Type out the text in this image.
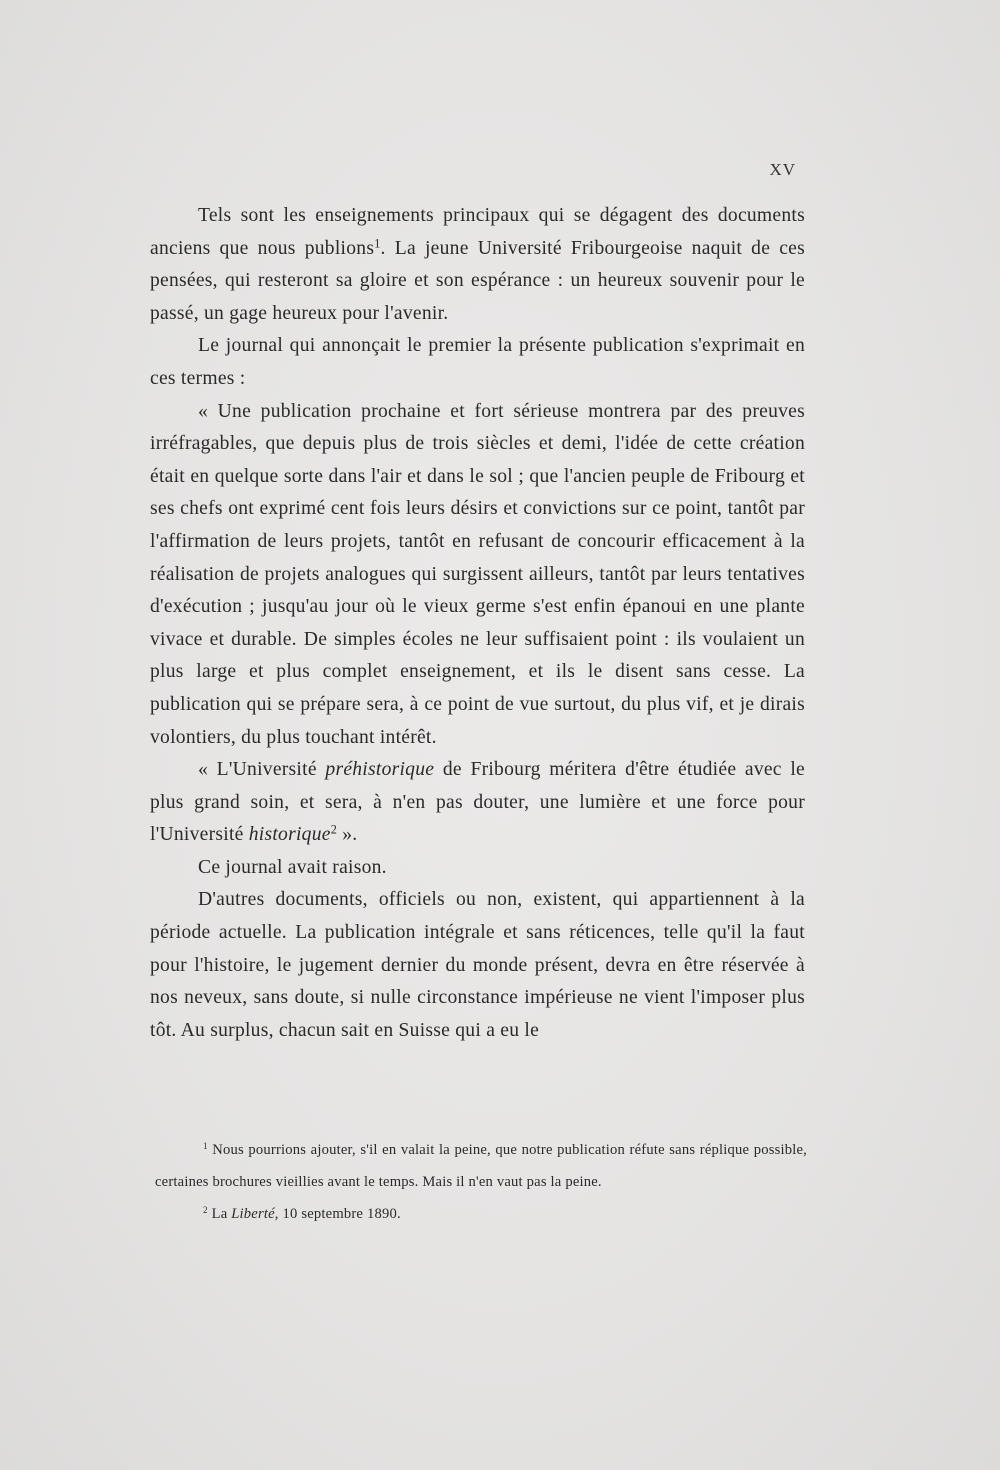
XV

Tels sont les enseignements principaux qui se dégagent des documents anciens que nous publions$^1$. La jeune Université Fribourgeoise naquit de ces pensées, qui resteront sa gloire et son espérance : un heureux souvenir pour le passé, un gage heureux pour l'avenir.

Le journal qui annonçait le premier la présente publication s'exprimait en ces termes :

« Une publication prochaine et fort sérieuse montrera par des preuves irréfragables, que depuis plus de trois siècles et demi, l'idée de cette création était en quelque sorte dans l'air et dans le sol ; que l'ancien peuple de Fribourg et ses chefs ont exprimé cent fois leurs désirs et convictions sur ce point, tantôt par l'affirmation de leurs projets, tantôt en refusant de concourir efficacement à la réalisation de projets analogues qui surgissent ailleurs, tantôt par leurs tentatives d'exécution ; jusqu'au jour où le vieux germe s'est enfin épanoui en une plante vivace et durable. De simples écoles ne leur suffisaient point : ils voulaient un plus large et plus complet enseignement, et ils le disent sans cesse. La publication qui se prépare sera, à ce point de vue surtout, du plus vif, et je dirais volontiers, du plus touchant intérêt.

« L'Université préhistorique de Fribourg méritera d'être étudiée avec le plus grand soin, et sera, à n'en pas douter, une lumière et une force pour l'Université historique$^2$ ».

Ce journal avait raison.

D'autres documents, officiels ou non, existent, qui appartiennent à la période actuelle. La publication intégrale et sans réticences, telle qu'il la faut pour l'histoire, le jugement dernier du monde présent, devra en être réservée à nos neveux, sans doute, si nulle circonstance impérieuse ne vient l'imposer plus tôt. Au surplus, chacun sait en Suisse qui a eu le

$^1$ Nous pourrions ajouter, s'il en valait la peine, que notre publication réfute sans réplique possible, certaines brochures vieillies avant le temps. Mais il n'en vaut pas la peine.

$^2$ La Liberté, 10 septembre 1890.
